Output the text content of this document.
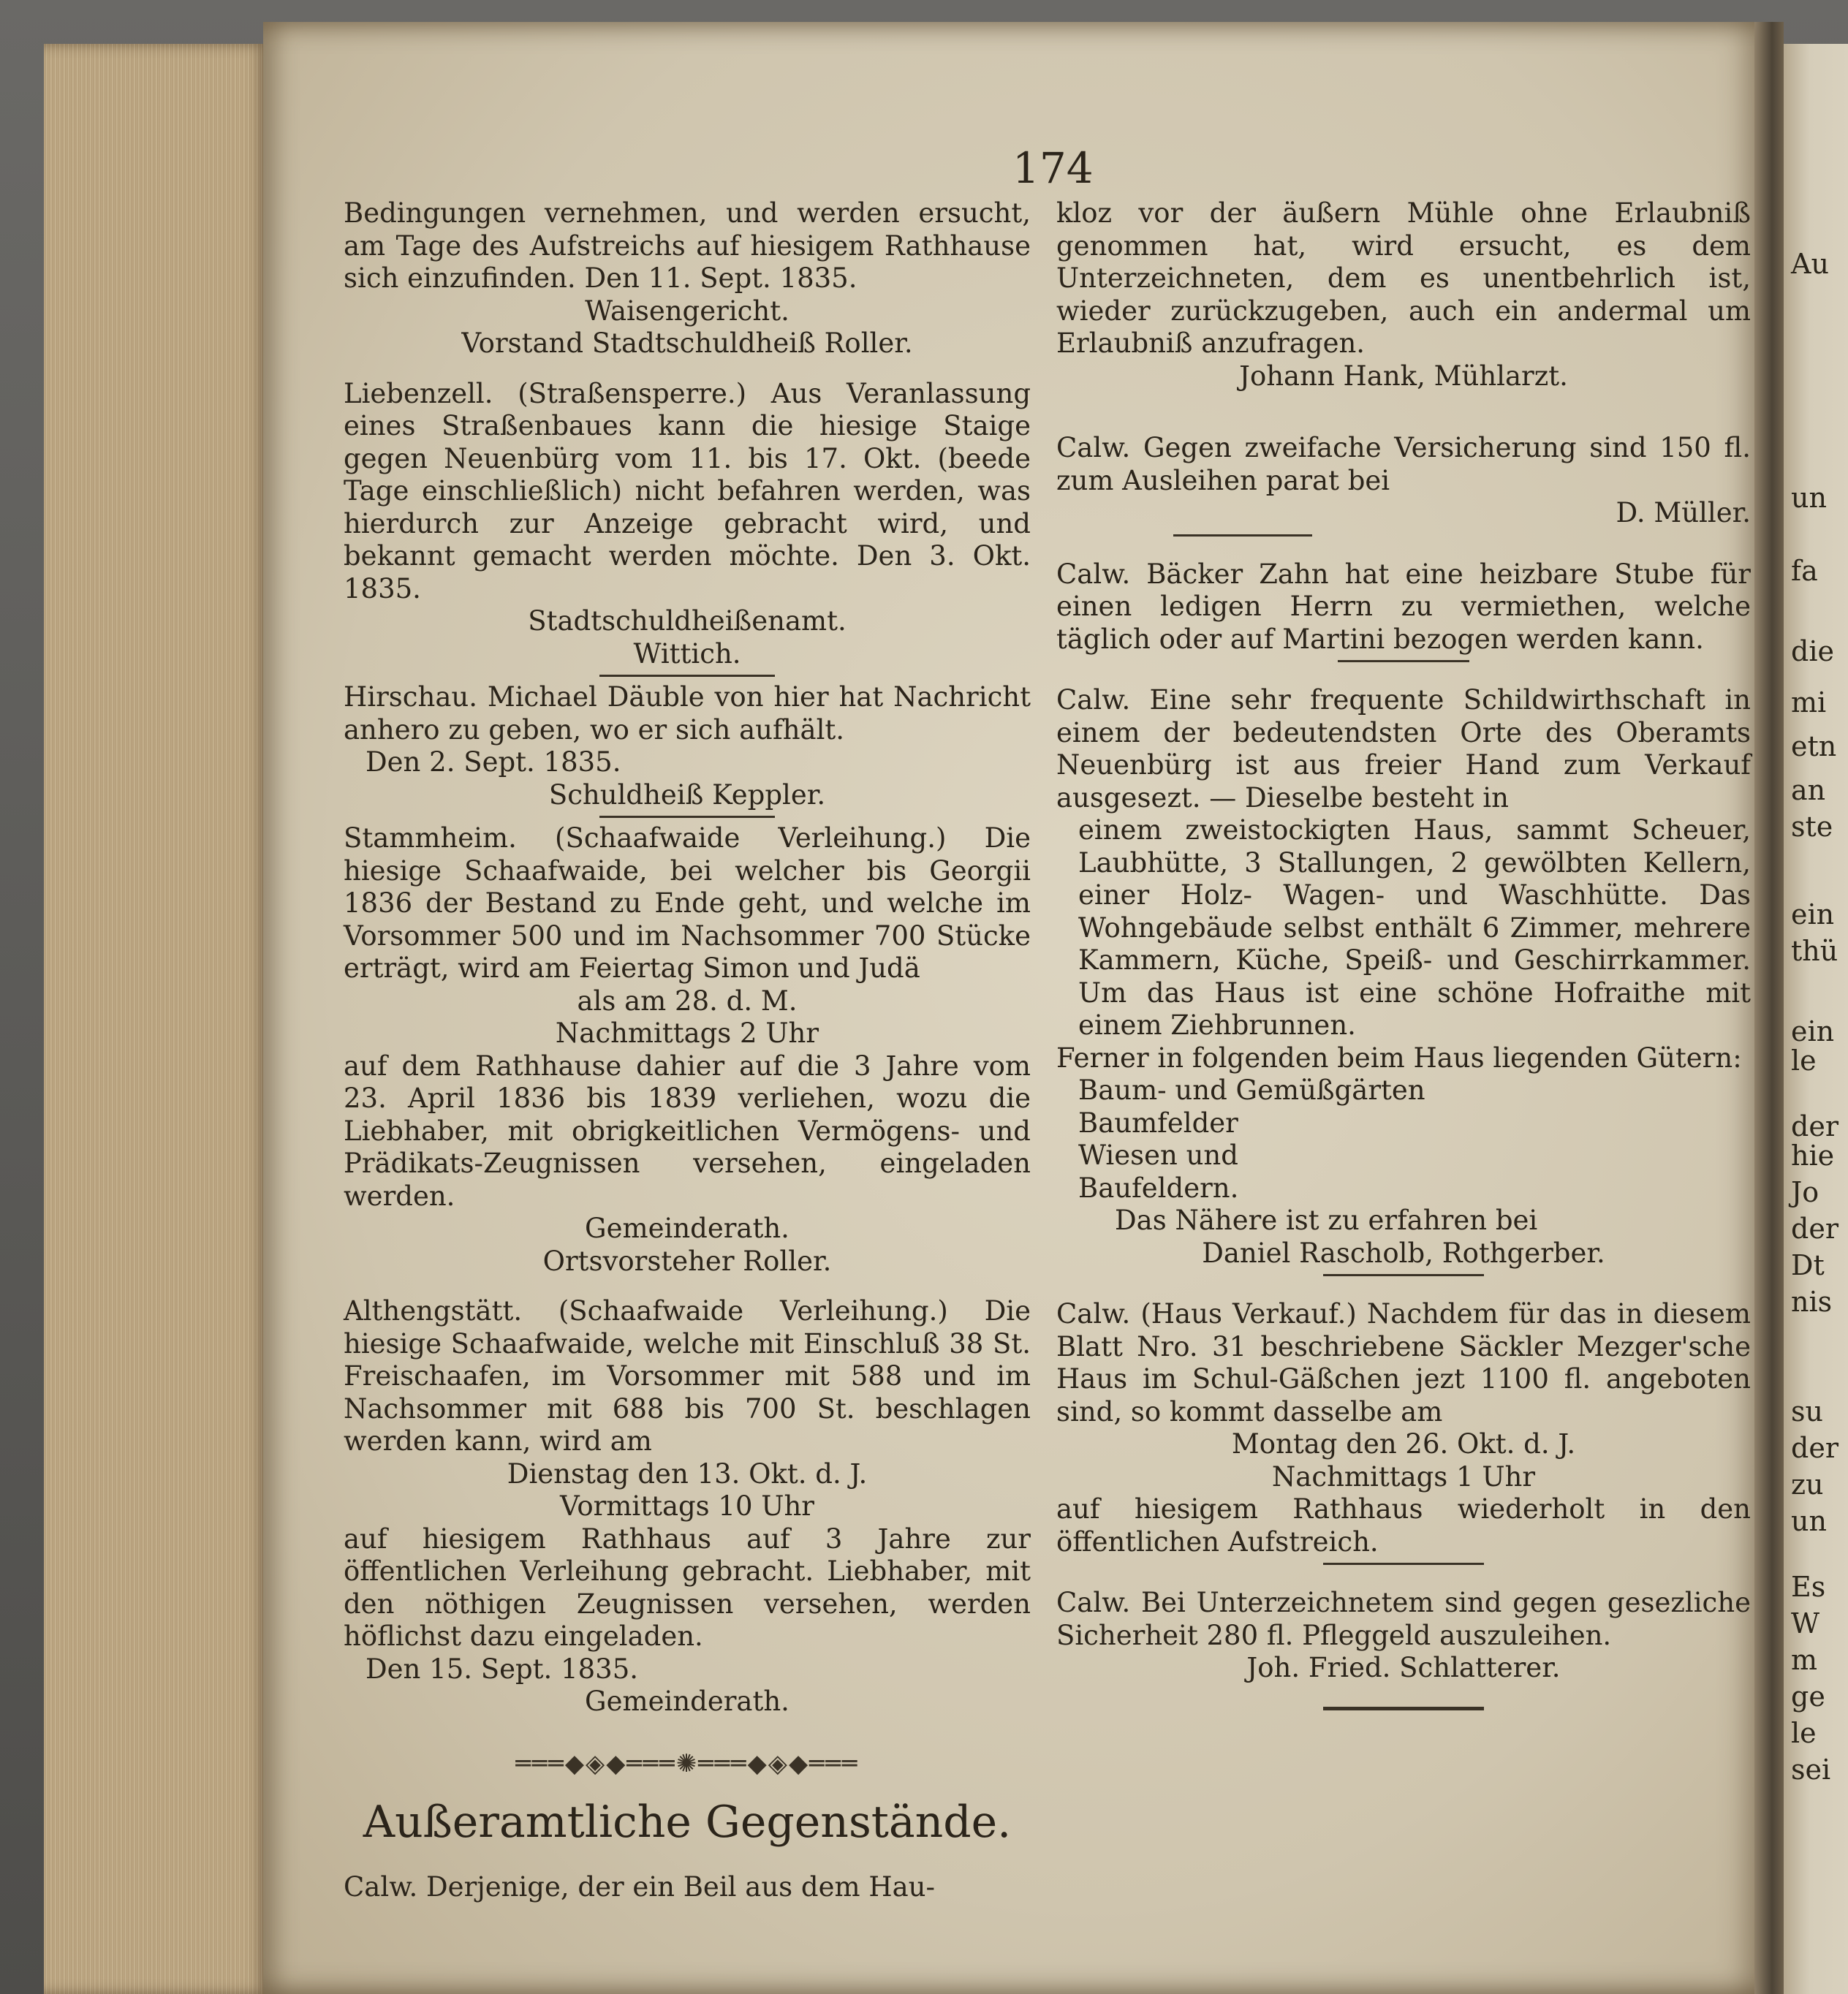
Au
un
fa
die
mi
etn
an
ste
ein
thü
ein
le
der
hie
Jo
der
Dt
nis
su
der
zu
un
Es
W
m
ge
le
sei
174

Bedingungen vernehmen, und werden ersucht, am Tage des Aufstreichs auf hiesigem Rathhause sich einzufinden. Den 11. Sept. 1835.

Waisengericht.

Vorstand Stadtschuldheiß Roller.

Liebenzell. (Straßensperre.) Aus Veranlassung eines Straßenbaues kann die hiesige Staige gegen Neuenbürg vom 11. bis 17. Okt. (beede Tage einschließlich) nicht befahren werden, was hierdurch zur Anzeige gebracht wird, und bekannt gemacht werden möchte. Den 3. Okt. 1835.

Stadtschuldheißenamt.

Wittich.

Hirschau. Michael Däuble von hier hat Nachricht anhero zu geben, wo er sich aufhält.

Den 2. Sept. 1835.

Schuldheiß Keppler.

Stammheim. (Schaafwaide Verleihung.) Die hiesige Schaafwaide, bei welcher bis Georgii 1836 der Bestand zu Ende geht, und welche im Vorsommer 500 und im Nachsommer 700 Stücke erträgt, wird am Feiertag Simon und Judä

als am 28. d. M.

Nachmittags 2 Uhr

auf dem Rathhause dahier auf die 3 Jahre vom 23. April 1836 bis 1839 verliehen, wozu die Liebhaber, mit obrigkeitlichen Vermögens- und Prädikats-Zeugnissen versehen, eingeladen werden.

Gemeinderath.

Ortsvorsteher Roller.

Althengstätt. (Schaafwaide Verleihung.) Die hiesige Schaafwaide, welche mit Einschluß 38 St. Freischaafen, im Vorsommer mit 588 und im Nachsommer mit 688 bis 700 St. beschlagen werden kann, wird am

Dienstag den 13. Okt. d. J.

Vormittags 10 Uhr

auf hiesigem Rathhaus auf 3 Jahre zur öffentlichen Verleihung gebracht. Liebhaber, mit den nöthigen Zeugnissen versehen, werden höflichst dazu eingeladen.

Den 15. Sept. 1835.

Gemeinderath.

═══◆◈◆═══✺═══◆◈◆═══
Außeramtliche Gegenstände.

Calw. Derjenige, der ein Beil aus dem Hau-

kloz vor der äußern Mühle ohne Erlaubniß genommen hat, wird ersucht, es dem Unterzeichneten, dem es unentbehrlich ist, wieder zurückzugeben, auch ein andermal um Erlaubniß anzufragen.

Johann Hank, Mühlarzt.

Calw. Gegen zweifache Versicherung sind 150 fl. zum Ausleihen parat bei

D. Müller.

Calw. Bäcker Zahn hat eine heizbare Stube für einen ledigen Herrn zu vermiethen, welche täglich oder auf Martini bezogen werden kann.

Calw. Eine sehr frequente Schildwirthschaft in einem der bedeutendsten Orte des Oberamts Neuenbürg ist aus freier Hand zum Verkauf ausgesezt. — Dieselbe besteht in

einem zweistockigten Haus, sammt Scheuer, Laubhütte, 3 Stallungen, 2 gewölbten Kellern, einer Holz- Wagen- und Waschhütte. Das Wohngebäude selbst enthält 6 Zimmer, mehrere Kammern, Küche, Speiß- und Geschirrkammer. Um das Haus ist eine schöne Hofraithe mit einem Ziehbrunnen.

Ferner in folgenden beim Haus liegenden Gütern:

Baum- und Gemüßgärten

Baumfelder

Wiesen und

Baufeldern.

Das Nähere ist zu erfahren bei

Daniel Rascholb, Rothgerber.

Calw. (Haus Verkauf.) Nachdem für das in diesem Blatt Nro. 31 beschriebene Säckler Mezger'sche Haus im Schul-Gäßchen jezt 1100 fl. angeboten sind, so kommt dasselbe am

Montag den 26. Okt. d. J.

Nachmittags 1 Uhr

auf hiesigem Rathhaus wiederholt in den öffentlichen Aufstreich.

Calw. Bei Unterzeichnetem sind gegen gesezliche Sicherheit 280 fl. Pfleggeld auszuleihen.

Joh. Fried. Schlatterer.
